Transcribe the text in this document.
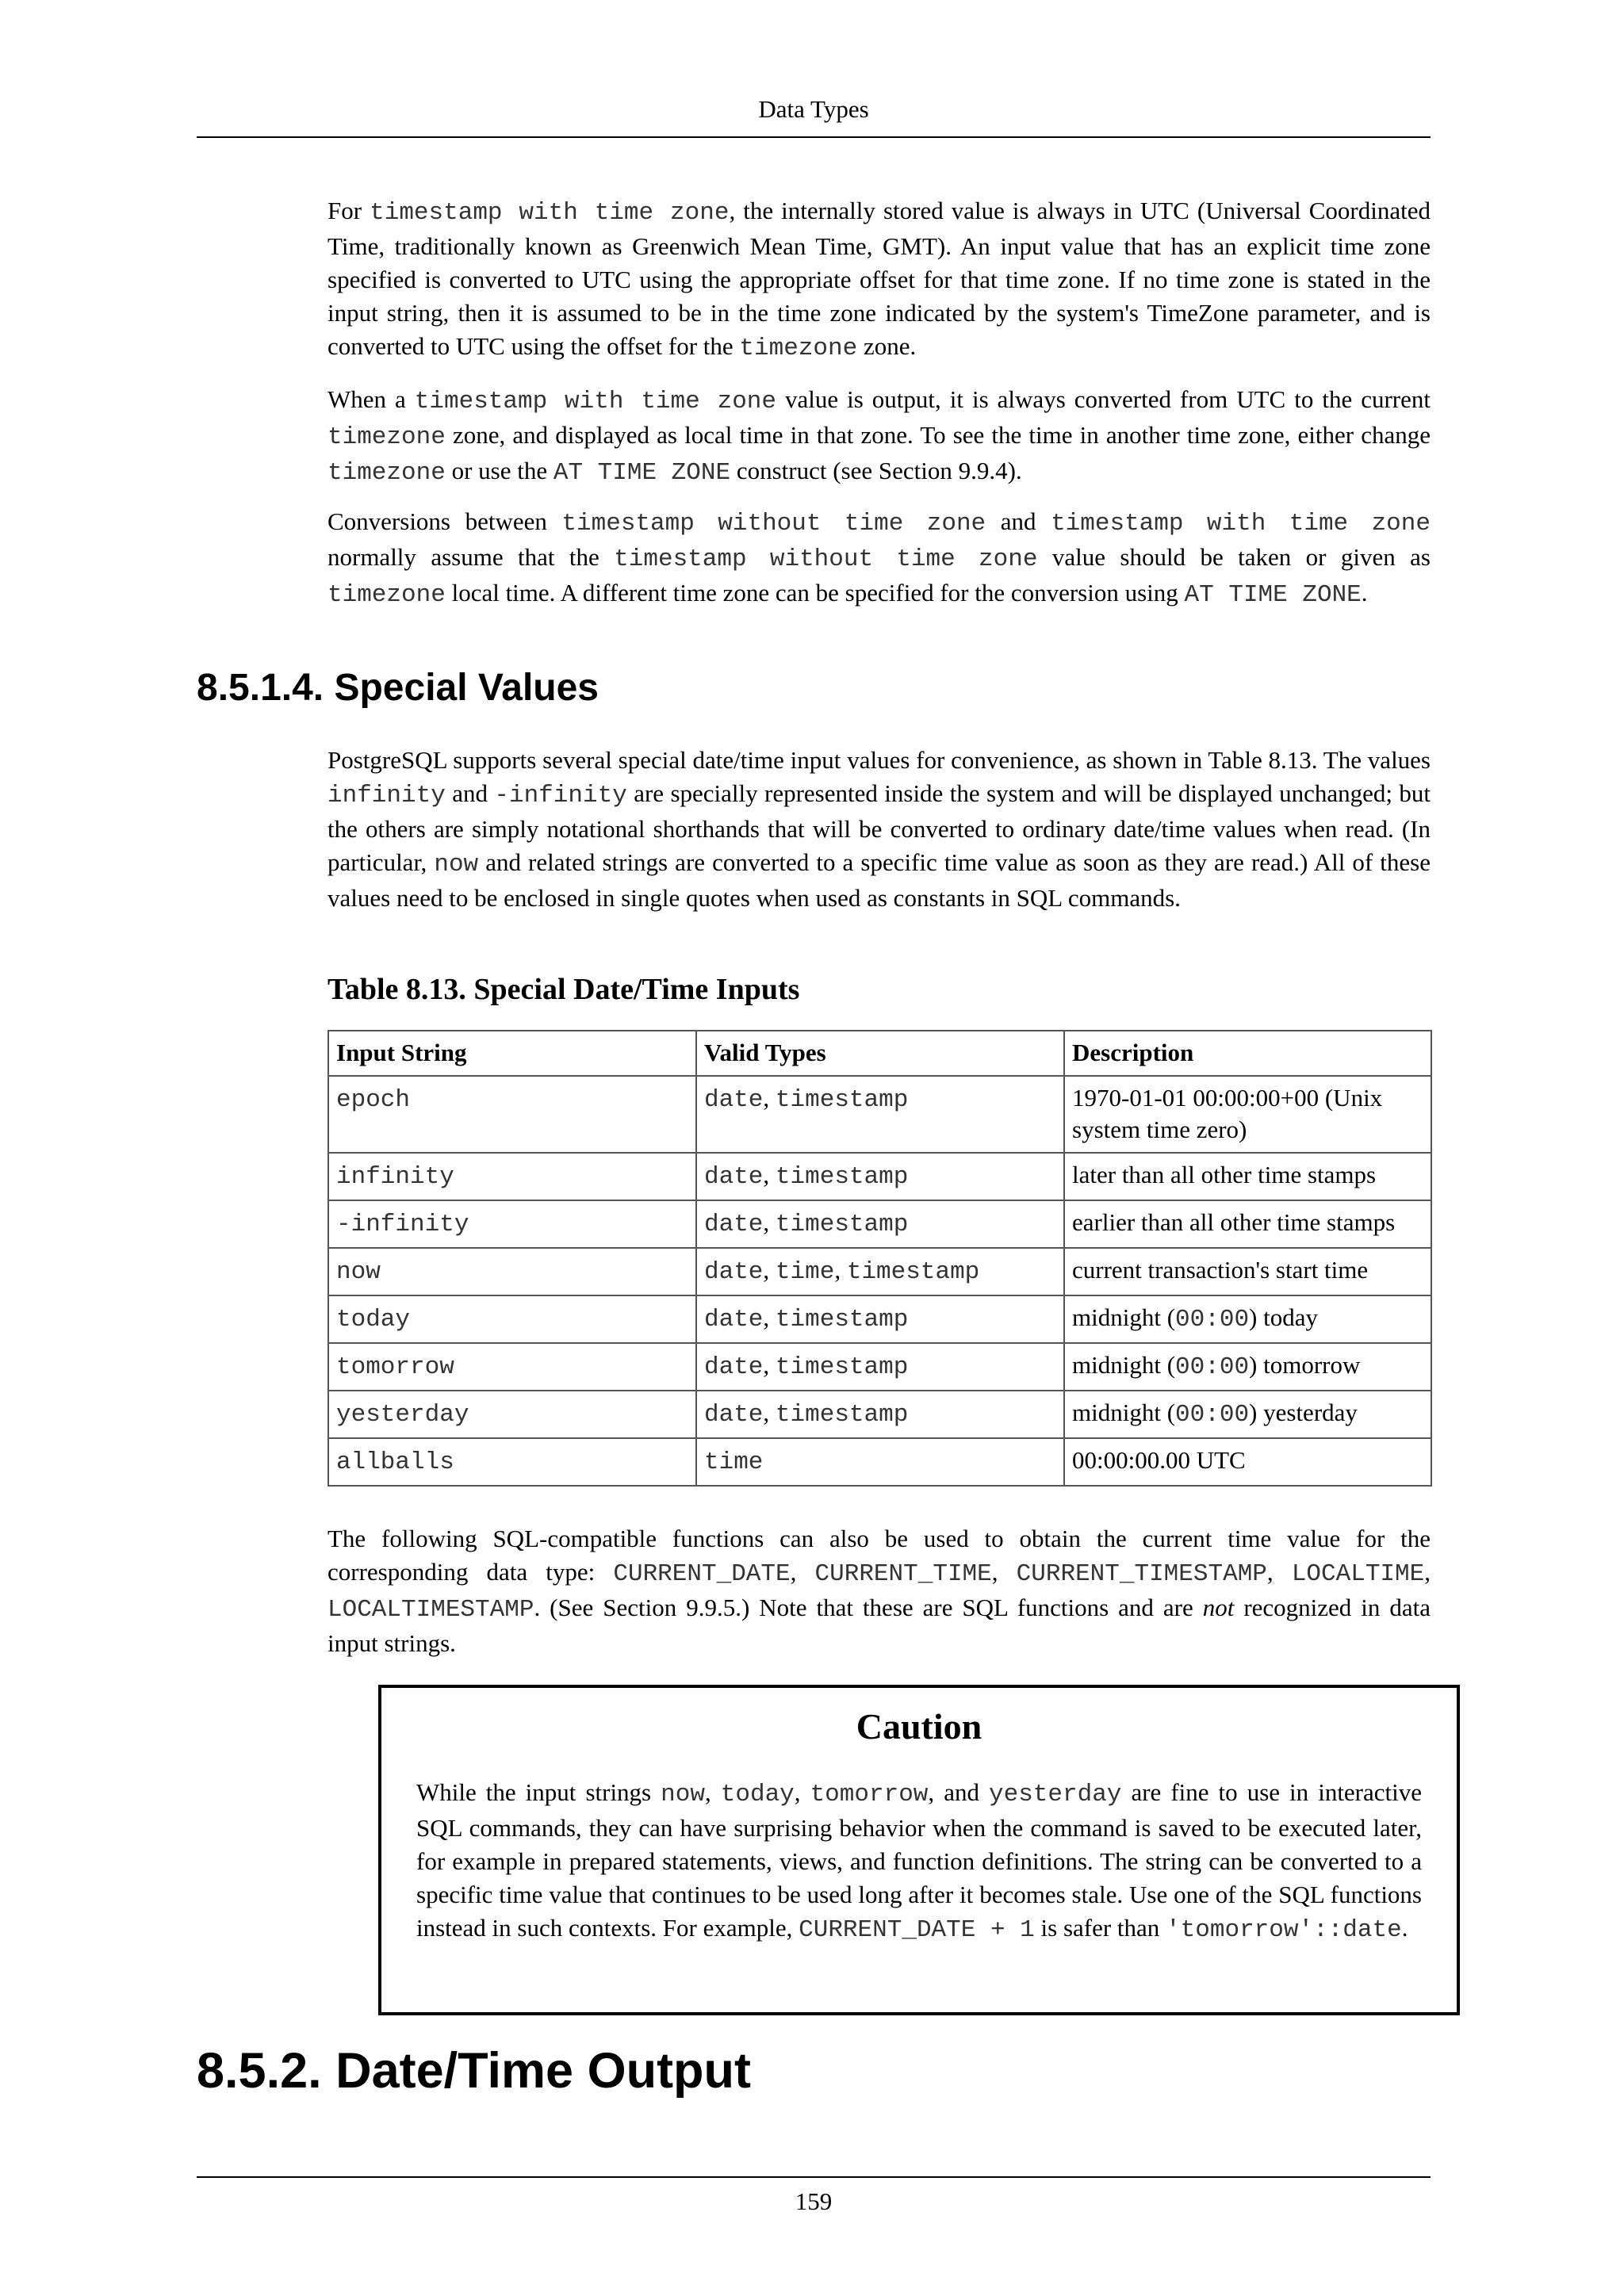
Data Types

For timestamp with time zone, the internally stored value is always in UTC (Universal Coordinated Time, traditionally known as Greenwich Mean Time, GMT). An input value that has an explicit time zone specified is converted to UTC using the appropriate offset for that time zone. If no time zone is stated in the input string, then it is assumed to be in the time zone indicated by the system's TimeZone parameter, and is converted to UTC using the offset for the timezone zone.

When a timestamp with time zone value is output, it is always converted from UTC to the current timezone zone, and displayed as local time in that zone. To see the time in another time zone, either change timezone or use the AT TIME ZONE construct (see Section 9.9.4).

Conversions between timestamp without time zone and timestamp with time zone normally assume that the timestamp without time zone value should be taken or given as timezone local time. A different time zone can be specified for the conversion using AT TIME ZONE.

8.5.1.4. Special Values

PostgreSQL supports several special date/time input values for convenience, as shown in Table 8.13. The values infinity and -infinity are specially represented inside the system and will be displayed unchanged; but the others are simply notational shorthands that will be converted to ordinary date/time values when read. (In particular, now and related strings are converted to a specific time value as soon as they are read.) All of these values need to be enclosed in single quotes when used as constants in SQL commands.

Table 8.13. Special Date/Time Inputs
Input String	Valid Types	Description
epoch	date, timestamp	1970-01-01 00:00:00+00 (Unix system time zero)
infinity	date, timestamp	later than all other time stamps
-infinity	date, timestamp	earlier than all other time stamps
now	date, time, timestamp	current transaction's start time
today	date, timestamp	midnight (00:00) today
tomorrow	date, timestamp	midnight (00:00) tomorrow
yesterday	date, timestamp	midnight (00:00) yesterday
allballs	time	00:00:00.00 UTC

The following SQL-compatible functions can also be used to obtain the current time value for the corresponding data type: CURRENT_DATE, CURRENT_TIME, CURRENT_TIMESTAMP, LOCALTIME, LOCALTIMESTAMP. (See Section 9.9.5.) Note that these are SQL functions and are not recognized in data input strings.

Caution

While the input strings now, today, tomorrow, and yesterday are fine to use in interactive SQL commands, they can have surprising behavior when the command is saved to be executed later, for example in prepared statements, views, and function definitions. The string can be converted to a specific time value that continues to be used long after it becomes stale. Use one of the SQL functions instead in such contexts. For example, CURRENT_DATE + 1 is safer than 'tomorrow'::date.

8.5.2. Date/Time Output
159
